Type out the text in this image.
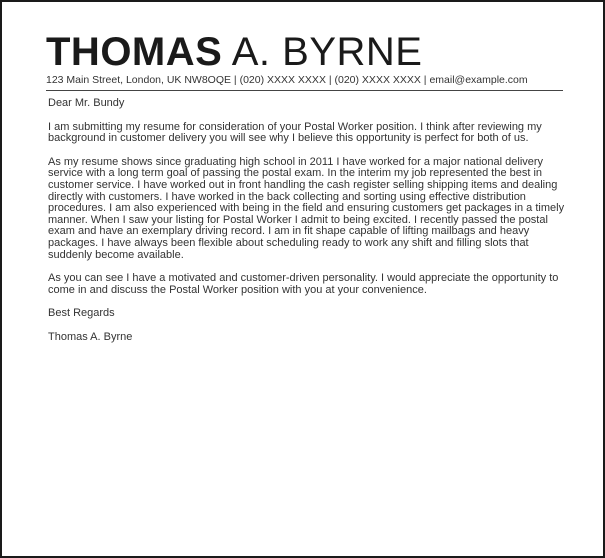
THOMAS A. BYRNE
123 Main Street, London, UK NW8OQE | (020) XXXX XXXX | (020) XXXX XXXX | email@example.com

Dear Mr. Bundy

I am submitting my resume for consideration of your Postal Worker position. I think after reviewing my background in customer delivery you will see why I believe this opportunity is perfect for both of us.

As my resume shows since graduating high school in 2011 I have worked for a major national delivery service with a long term goal of passing the postal exam. In the interim my job represented the best in customer service. I have worked out in front handling the cash register selling shipping items and dealing directly with customers. I have worked in the back collecting and sorting using effective distribution procedures. I am also experienced with being in the field and ensuring customers get packages in a timely manner. When I saw your listing for Postal Worker I admit to being excited. I recently passed the postal exam and have an exemplary driving record. I am in fit shape capable of lifting mailbags and heavy packages. I have always been flexible about scheduling ready to work any shift and filling slots that suddenly become available.

As you can see I have a motivated and customer-driven personality. I would appreciate the opportunity to come in and discuss the Postal Worker position with you at your convenience.

Best Regards

Thomas A. Byrne
